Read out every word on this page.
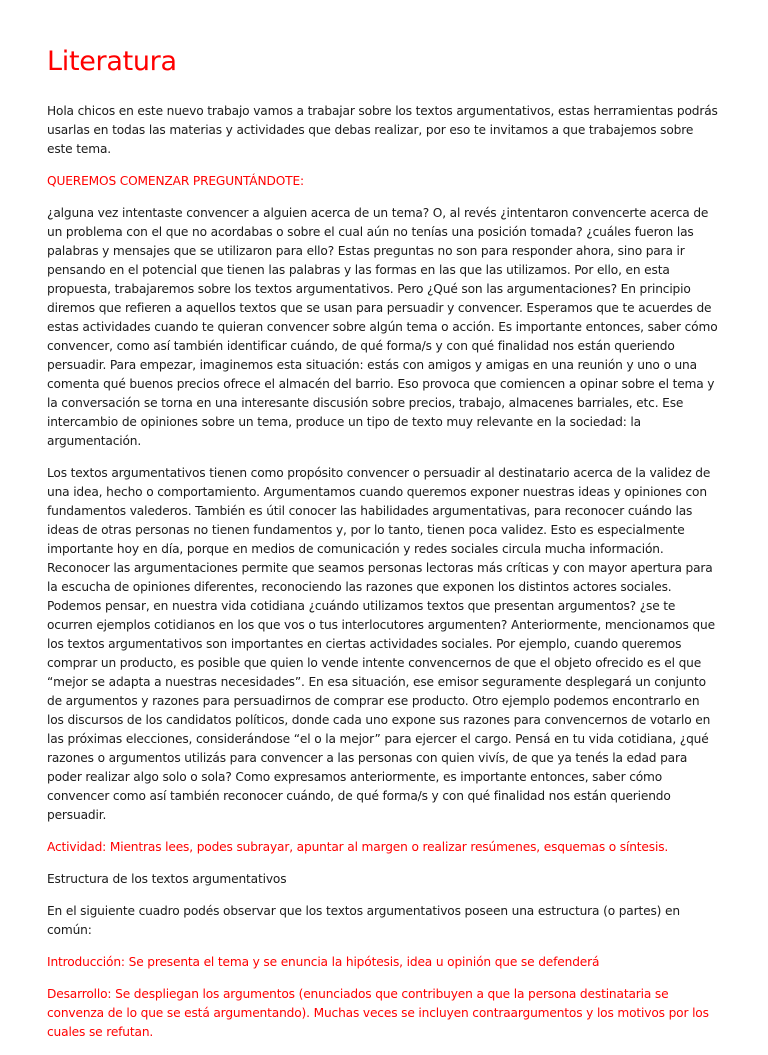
Literatura

Hola chicos en este nuevo trabajo vamos a trabajar sobre los textos argumentativos, estas herramientas podrás usarlas en todas las materias y actividades que debas realizar, por eso te invitamos a que trabajemos sobre este tema.

QUEREMOS COMENZAR PREGUNTÁNDOTE:

¿alguna vez intentaste convencer a alguien acerca de un tema? O, al revés ¿intentaron convencerte acerca de un problema con el que no acordabas o sobre el cual aún no tenías una posición tomada? ¿cuáles fueron las palabras y mensajes que se utilizaron para ello? Estas preguntas no son para responder ahora, sino para ir pensando en el potencial que tienen las palabras y las formas en las que las utilizamos. Por ello, en esta propuesta, trabajaremos sobre los textos argumentativos. Pero ¿Qué son las argumentaciones? En principio diremos que refieren a aquellos textos que se usan para persuadir y convencer. Esperamos que te acuerdes de estas actividades cuando te quieran convencer sobre algún tema o acción. Es importante entonces, saber cómo convencer, como así también identificar cuándo, de qué forma/s y con qué finalidad nos están queriendo persuadir. Para empezar, imaginemos esta situación: estás con amigos y amigas en una reunión y uno o una comenta qué buenos precios ofrece el almacén del barrio. Eso provoca que comiencen a opinar sobre el tema y la conversación se torna en una interesante discusión sobre precios, trabajo, almacenes barriales, etc. Ese intercambio de opiniones sobre un tema, produce un tipo de texto muy relevante en la sociedad: la argumentación.

Los textos argumentativos tienen como propósito convencer o persuadir al destinatario acerca de la validez de una idea, hecho o comportamiento. Argumentamos cuando queremos exponer nuestras ideas y opiniones con fundamentos valederos. También es útil conocer las habilidades argumentativas, para reconocer cuándo las ideas de otras personas no tienen fundamentos y, por lo tanto, tienen poca validez. Esto es especialmente importante hoy en día, porque en medios de comunicación y redes sociales circula mucha información. Reconocer las argumentaciones permite que seamos personas lectoras más críticas y con mayor apertura para la escucha de opiniones diferentes, reconociendo las razones que exponen los distintos actores sociales. Podemos pensar, en nuestra vida cotidiana ¿cuándo utilizamos textos que presentan argumentos? ¿se te ocurren ejemplos cotidianos en los que vos o tus interlocutores argumenten? Anteriormente, mencionamos que los textos argumentativos son importantes en ciertas actividades sociales. Por ejemplo, cuando queremos comprar un producto, es posible que quien lo vende intente convencernos de que el objeto ofrecido es el que “mejor se adapta a nuestras necesidades”. En esa situación, ese emisor seguramente desplegará un conjunto de argumentos y razones para persuadirnos de comprar ese producto. Otro ejemplo podemos encontrarlo en los discursos de los candidatos políticos, donde cada uno expone sus razones para convencernos de votarlo en las próximas elecciones, considerándose “el o la mejor” para ejercer el cargo. Pensá en tu vida cotidiana, ¿qué razones o argumentos utilizás para convencer a las personas con quien vivís, de que ya tenés la edad para poder realizar algo solo o sola? Como expresamos anteriormente, es importante entonces, saber cómo convencer como así también reconocer cuándo, de qué forma/s y con qué finalidad nos están queriendo persuadir.

Actividad: Mientras lees, podes subrayar, apuntar al margen o realizar resúmenes, esquemas o síntesis.

Estructura de los textos argumentativos

En el siguiente cuadro podés observar que los textos argumentativos poseen una estructura (o partes) en común:

Introducción: Se presenta el tema y se enuncia la hipótesis, idea u opinión que se defenderá

Desarrollo: Se despliegan los argumentos (enunciados que contribuyen a que la persona destinataria se convenza de lo que se está argumentando). Muchas veces se incluyen contraargumentos y los motivos por los cuales se refutan.
